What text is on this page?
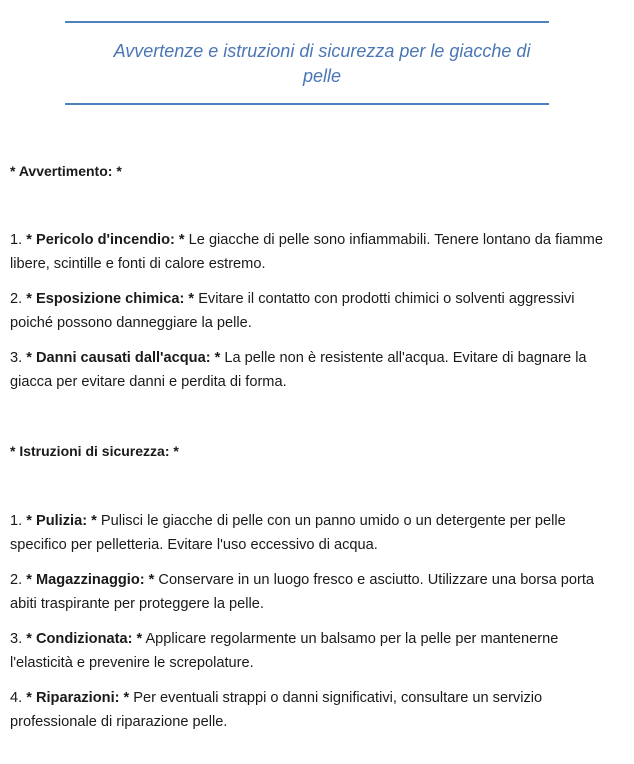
Avvertenze e istruzioni di sicurezza per le giacche di pelle
* Avvertimento: *
1. * Pericolo d'incendio: * Le giacche di pelle sono infiammabili. Tenere lontano da fiamme libere, scintille e fonti di calore estremo.
2. * Esposizione chimica: * Evitare il contatto con prodotti chimici o solventi aggressivi poiché possono danneggiare la pelle.
3. * Danni causati dall'acqua: * La pelle non è resistente all'acqua. Evitare di bagnare la giacca per evitare danni e perdita di forma.
* Istruzioni di sicurezza: *
1. * Pulizia: * Pulisci le giacche di pelle con un panno umido o un detergente per pelle specifico per pelletteria. Evitare l'uso eccessivo di acqua.
2. * Magazzinaggio: * Conservare in un luogo fresco e asciutto. Utilizzare una borsa porta abiti traspirante per proteggere la pelle.
3. * Condizionata: * Applicare regolarmente un balsamo per la pelle per mantenerne l'elasticità e prevenire le screpolature.
4. * Riparazioni: * Per eventuali strappi o danni significativi, consultare un servizio professionale di riparazione pelle.
